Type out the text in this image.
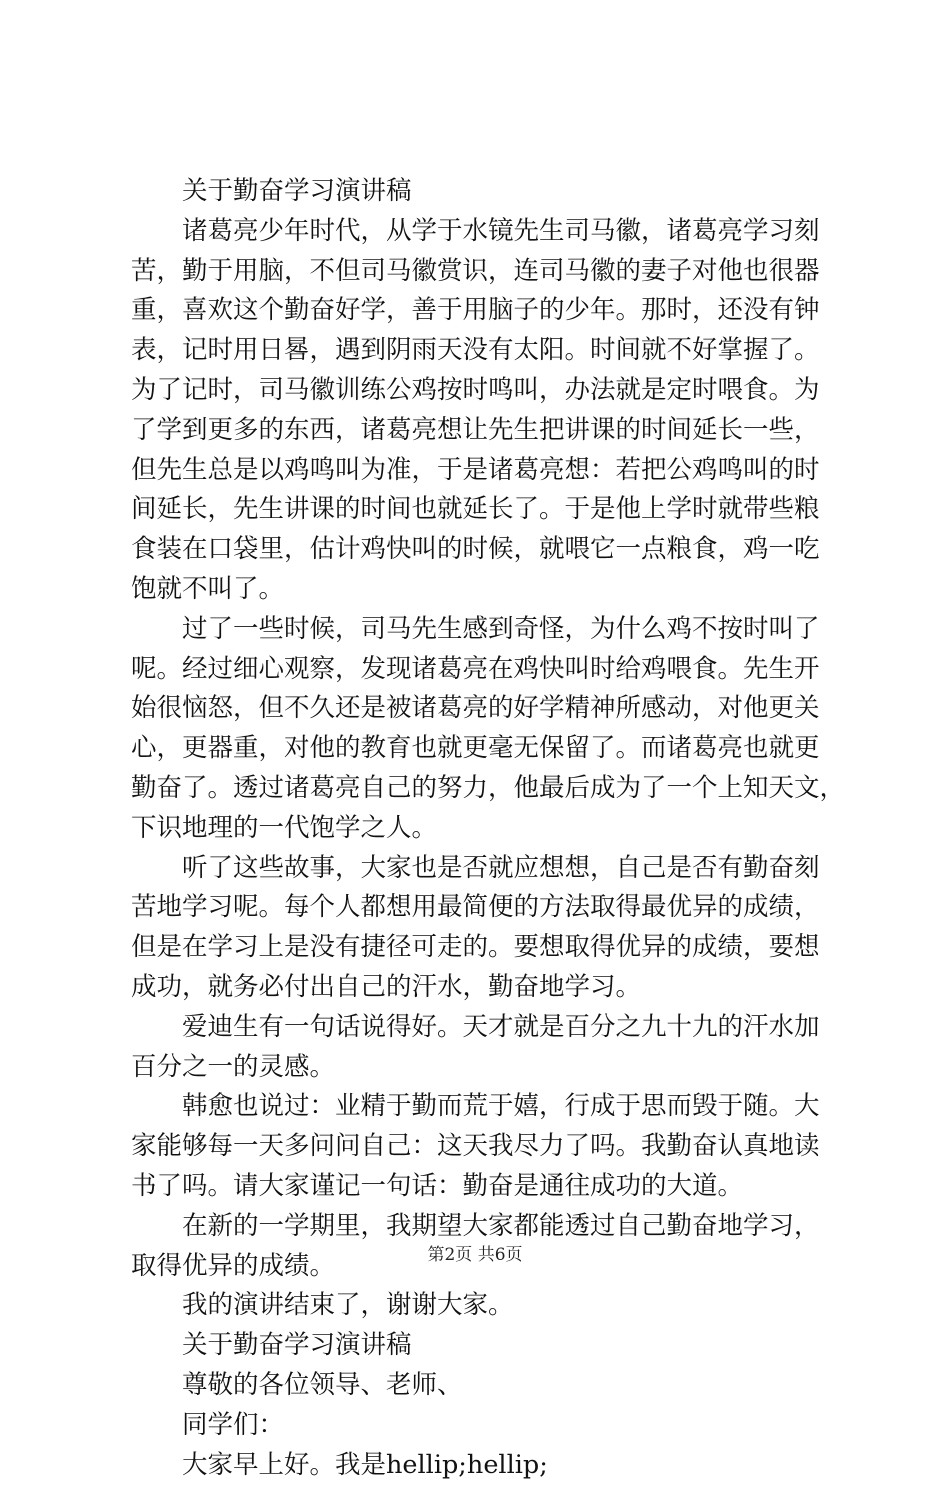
关于勤奋学习演讲稿
诸葛亮少年时代，从学于水镜先生司马徽，诸葛亮学习刻
苦，勤于用脑，不但司马徽赏识，连司马徽的妻子对他也很器
重，喜欢这个勤奋好学，善于用脑子的少年。那时，还没有钟
表，记时用日晷，遇到阴雨天没有太阳。时间就不好掌握了。
为了记时，司马徽训练公鸡按时鸣叫，办法就是定时喂食。为
了学到更多的东西，诸葛亮想让先生把讲课的时间延长一些，
但先生总是以鸡鸣叫为准，于是诸葛亮想：若把公鸡鸣叫的时
间延长，先生讲课的时间也就延长了。于是他上学时就带些粮
食装在口袋里，估计鸡快叫的时候，就喂它一点粮食，鸡一吃
饱就不叫了。
过了一些时候，司马先生感到奇怪，为什么鸡不按时叫了
呢。经过细心观察，发现诸葛亮在鸡快叫时给鸡喂食。先生开
始很恼怒，但不久还是被诸葛亮的好学精神所感动，对他更关
心，更器重，对他的教育也就更毫无保留了。而诸葛亮也就更
勤奋了。透过诸葛亮自己的努力，他最后成为了一个上知天文，
下识地理的一代饱学之人。
听了这些故事，大家也是否就应想想，自己是否有勤奋刻
苦地学习呢。每个人都想用最简便的方法取得最优异的成绩，
但是在学习上是没有捷径可走的。要想取得优异的成绩，要想
成功，就务必付出自己的汗水，勤奋地学习。
爱迪生有一句话说得好。天才就是百分之九十九的汗水加
百分之一的灵感。
韩愈也说过：业精于勤而荒于嬉，行成于思而毁于随。大
家能够每一天多问问自己：这天我尽力了吗。我勤奋认真地读
书了吗。请大家谨记一句话：勤奋是通往成功的大道。
在新的一学期里，我期望大家都能透过自己勤奋地学习，
取得优异的成绩。
我的演讲结束了，谢谢大家。
关于勤奋学习演讲稿
尊敬的各位领导、老师、
同学们：
大家早上好。我是hellip;hellip;
第2页 共6页
